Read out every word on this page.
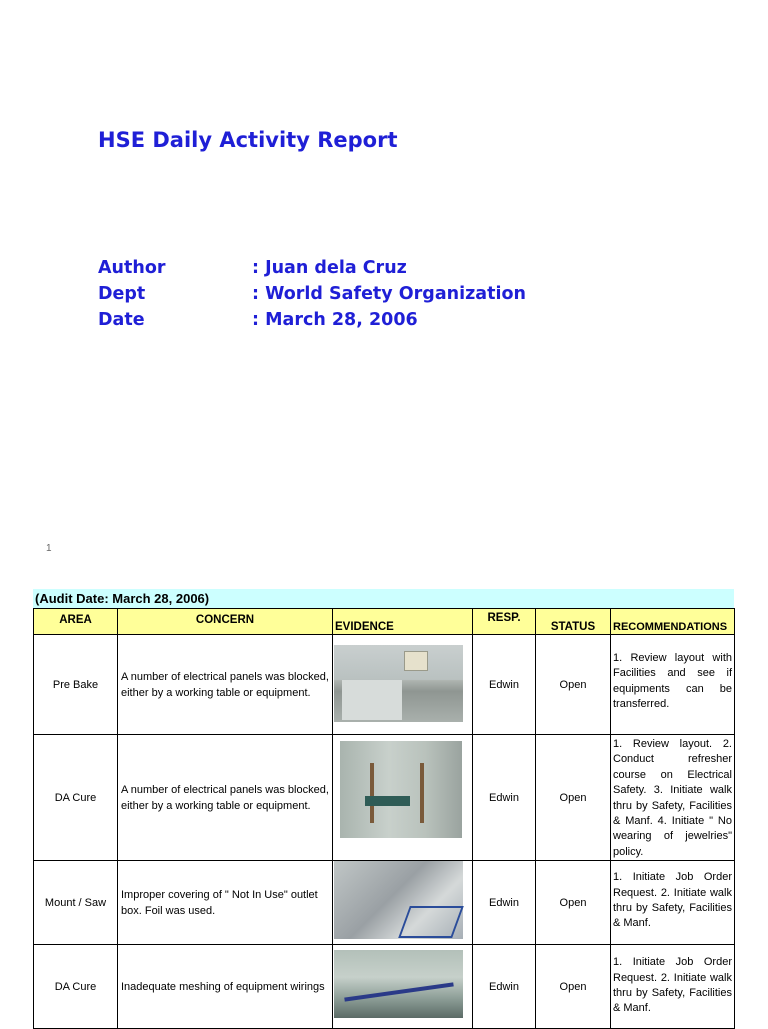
HSE Daily Activity Report
Author	: Juan dela Cruz
Dept	: World Safety Organization
Date	: March 28, 2006
1
(Audit Date: March 28, 2006)
AREA	CONCERN	EVIDENCE	RESP.	STATUS	RECOMMENDATIONS
Pre Bake	A number of electrical panels was blocked, either by a working table or equipment.		Edwin	Open	1. Review layout with Facilities and see if equipments can be transferred.
DA Cure	A number of electrical panels was blocked, either by a working table or equipment.		Edwin	Open	1. Review layout. 2. Conduct refresher course on Electrical Safety. 3. Initiate walk thru by Safety, Facilities & Manf. 4. Initiate " No wearing of jewelries" policy.
Mount / Saw	Improper covering of " Not In Use" outlet box. Foil was used.		Edwin	Open	1. Initiate Job Order Request. 2. Initiate walk thru by Safety, Facilities & Manf.
DA Cure	Inadequate meshing of equipment wirings		Edwin	Open	1. Initiate Job Order Request. 2. Initiate walk thru by Safety, Facilities & Manf.
